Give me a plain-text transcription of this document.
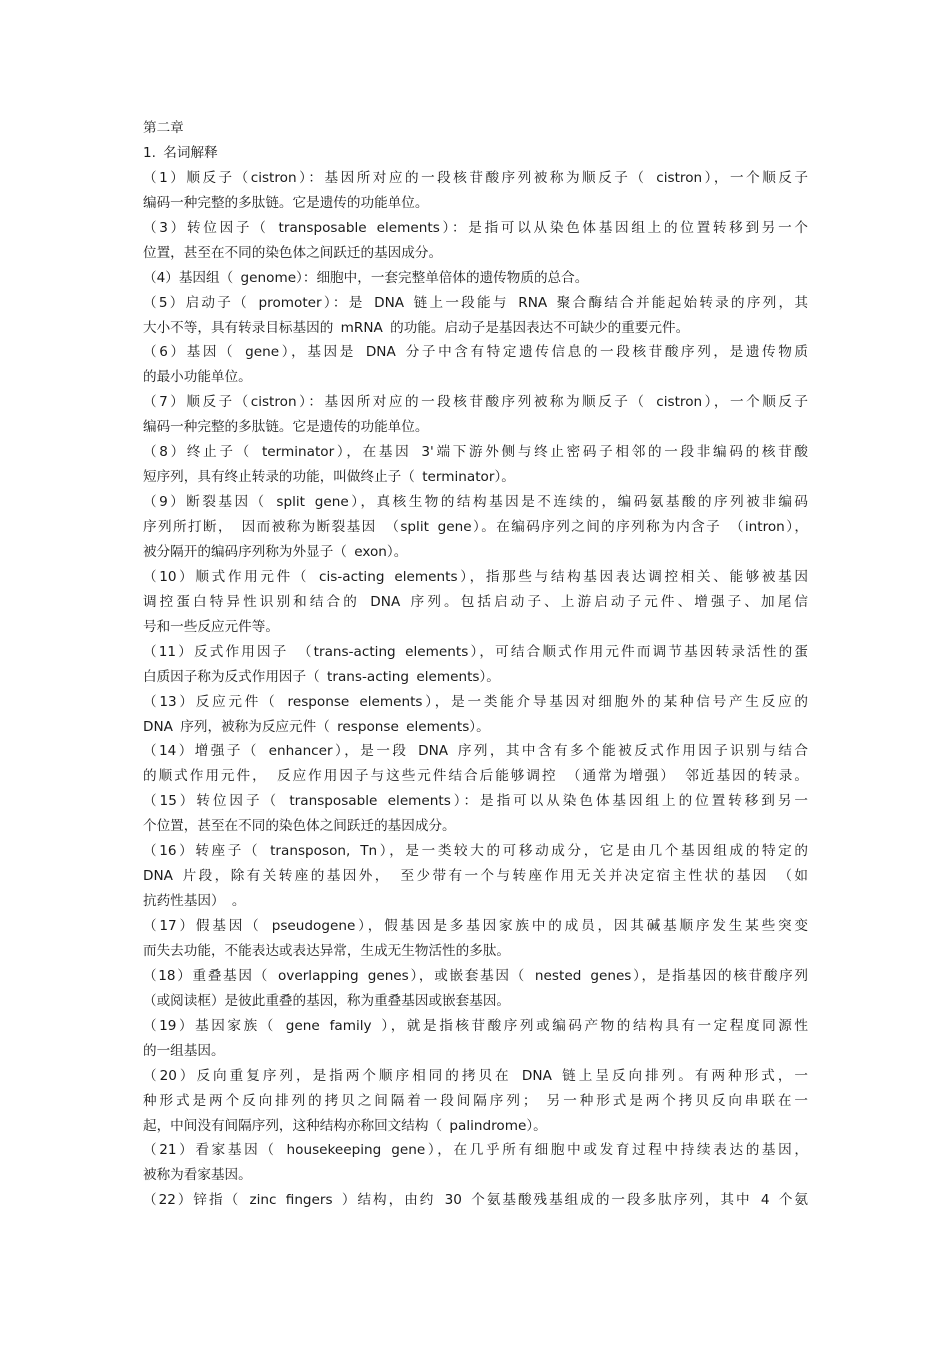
第二章
1. 名词解释
（1）顺反子（cistron）：基因所对应的一段核苷酸序列被称为顺反子（ cistron），一个顺反子
编码一种完整的多肽链。它是遗传的功能单位。
（3）转位因子（ transposable elements）：是指可以从染色体基因组上的位置转移到另一个
位置，甚至在不同的染色体之间跃迁的基因成分。
（4）基因组（ genome）：细胞中，一套完整单倍体的遗传物质的总合。
（5）启动子（ promoter）：是 DNA 链上一段能与 RNA 聚合酶结合并能起始转录的序列，其
大小不等，具有转录目标基因的 mRNA 的功能。启动子是基因表达不可缺少的重要元件。
（6）基因（ gene），基因是 DNA 分子中含有特定遗传信息的一段核苷酸序列，是遗传物质
的最小功能单位。
（7）顺反子（cistron）：基因所对应的一段核苷酸序列被称为顺反子（ cistron），一个顺反子
编码一种完整的多肽链。它是遗传的功能单位。
（8）终止子（ terminator），在基因 3'端下游外侧与终止密码子相邻的一段非编码的核苷酸
短序列，具有终止转录的功能，叫做终止子（ terminator）。
（9）断裂基因（ split gene），真核生物的结构基因是不连续的，编码氨基酸的序列被非编码
序列所打断， 因而被称为断裂基因 （split gene）。在编码序列之间的序列称为内含子 （intron），
被分隔开的编码序列称为外显子（ exon）。
（10）顺式作用元件（ cis-acting elements），指那些与结构基因表达调控相关、能够被基因
调控蛋白特异性识别和结合的 DNA 序列。包括启动子、上游启动子元件、增强子、加尾信
号和一些反应元件等。
（11）反式作用因子 （trans-acting elements），可结合顺式作用元件而调节基因转录活性的蛋
白质因子称为反式作用因子（ trans-acting elements）。
（13）反应元件（ response elements），是一类能介导基因对细胞外的某种信号产生反应的
DNA 序列，被称为反应元件（ response elements）。
（14）增强子（ enhancer），是一段 DNA 序列，其中含有多个能被反式作用因子识别与结合
的顺式作用元件， 反应作用因子与这些元件结合后能够调控 （通常为增强） 邻近基因的转录。
（15）转位因子（ transposable elements）：是指可以从染色体基因组上的位置转移到另一
个位置，甚至在不同的染色体之间跃迁的基因成分。
（16）转座子（ transposon, Tn），是一类较大的可移动成分，它是由几个基因组成的特定的
DNA 片段，除有关转座的基因外， 至少带有一个与转座作用无关并决定宿主性状的基因 （如
抗药性基因） 。
（17）假基因（ pseudogene），假基因是多基因家族中的成员，因其碱基顺序发生某些突变
而失去功能，不能表达或表达异常，生成无生物活性的多肽。
（18）重叠基因（ overlapping genes），或嵌套基因（ nested genes），是指基因的核苷酸序列
（或阅读框）是彼此重叠的基因，称为重叠基因或嵌套基因。
（19）基因家族（ gene family ），就是指核苷酸序列或编码产物的结构具有一定程度同源性
的一组基因。
（20）反向重复序列，是指两个顺序相同的拷贝在 DNA 链上呈反向排列。有两种形式，一
种形式是两个反向排列的拷贝之间隔着一段间隔序列； 另一种形式是两个拷贝反向串联在一
起，中间没有间隔序列，这种结构亦称回文结构（ palindrome）。
（21）看家基因（ housekeeping gene），在几乎所有细胞中或发育过程中持续表达的基因，
被称为看家基因。
（22）锌指（ zinc fingers ）结构，由约 30 个氨基酸残基组成的一段多肽序列，其中 4 个氨
